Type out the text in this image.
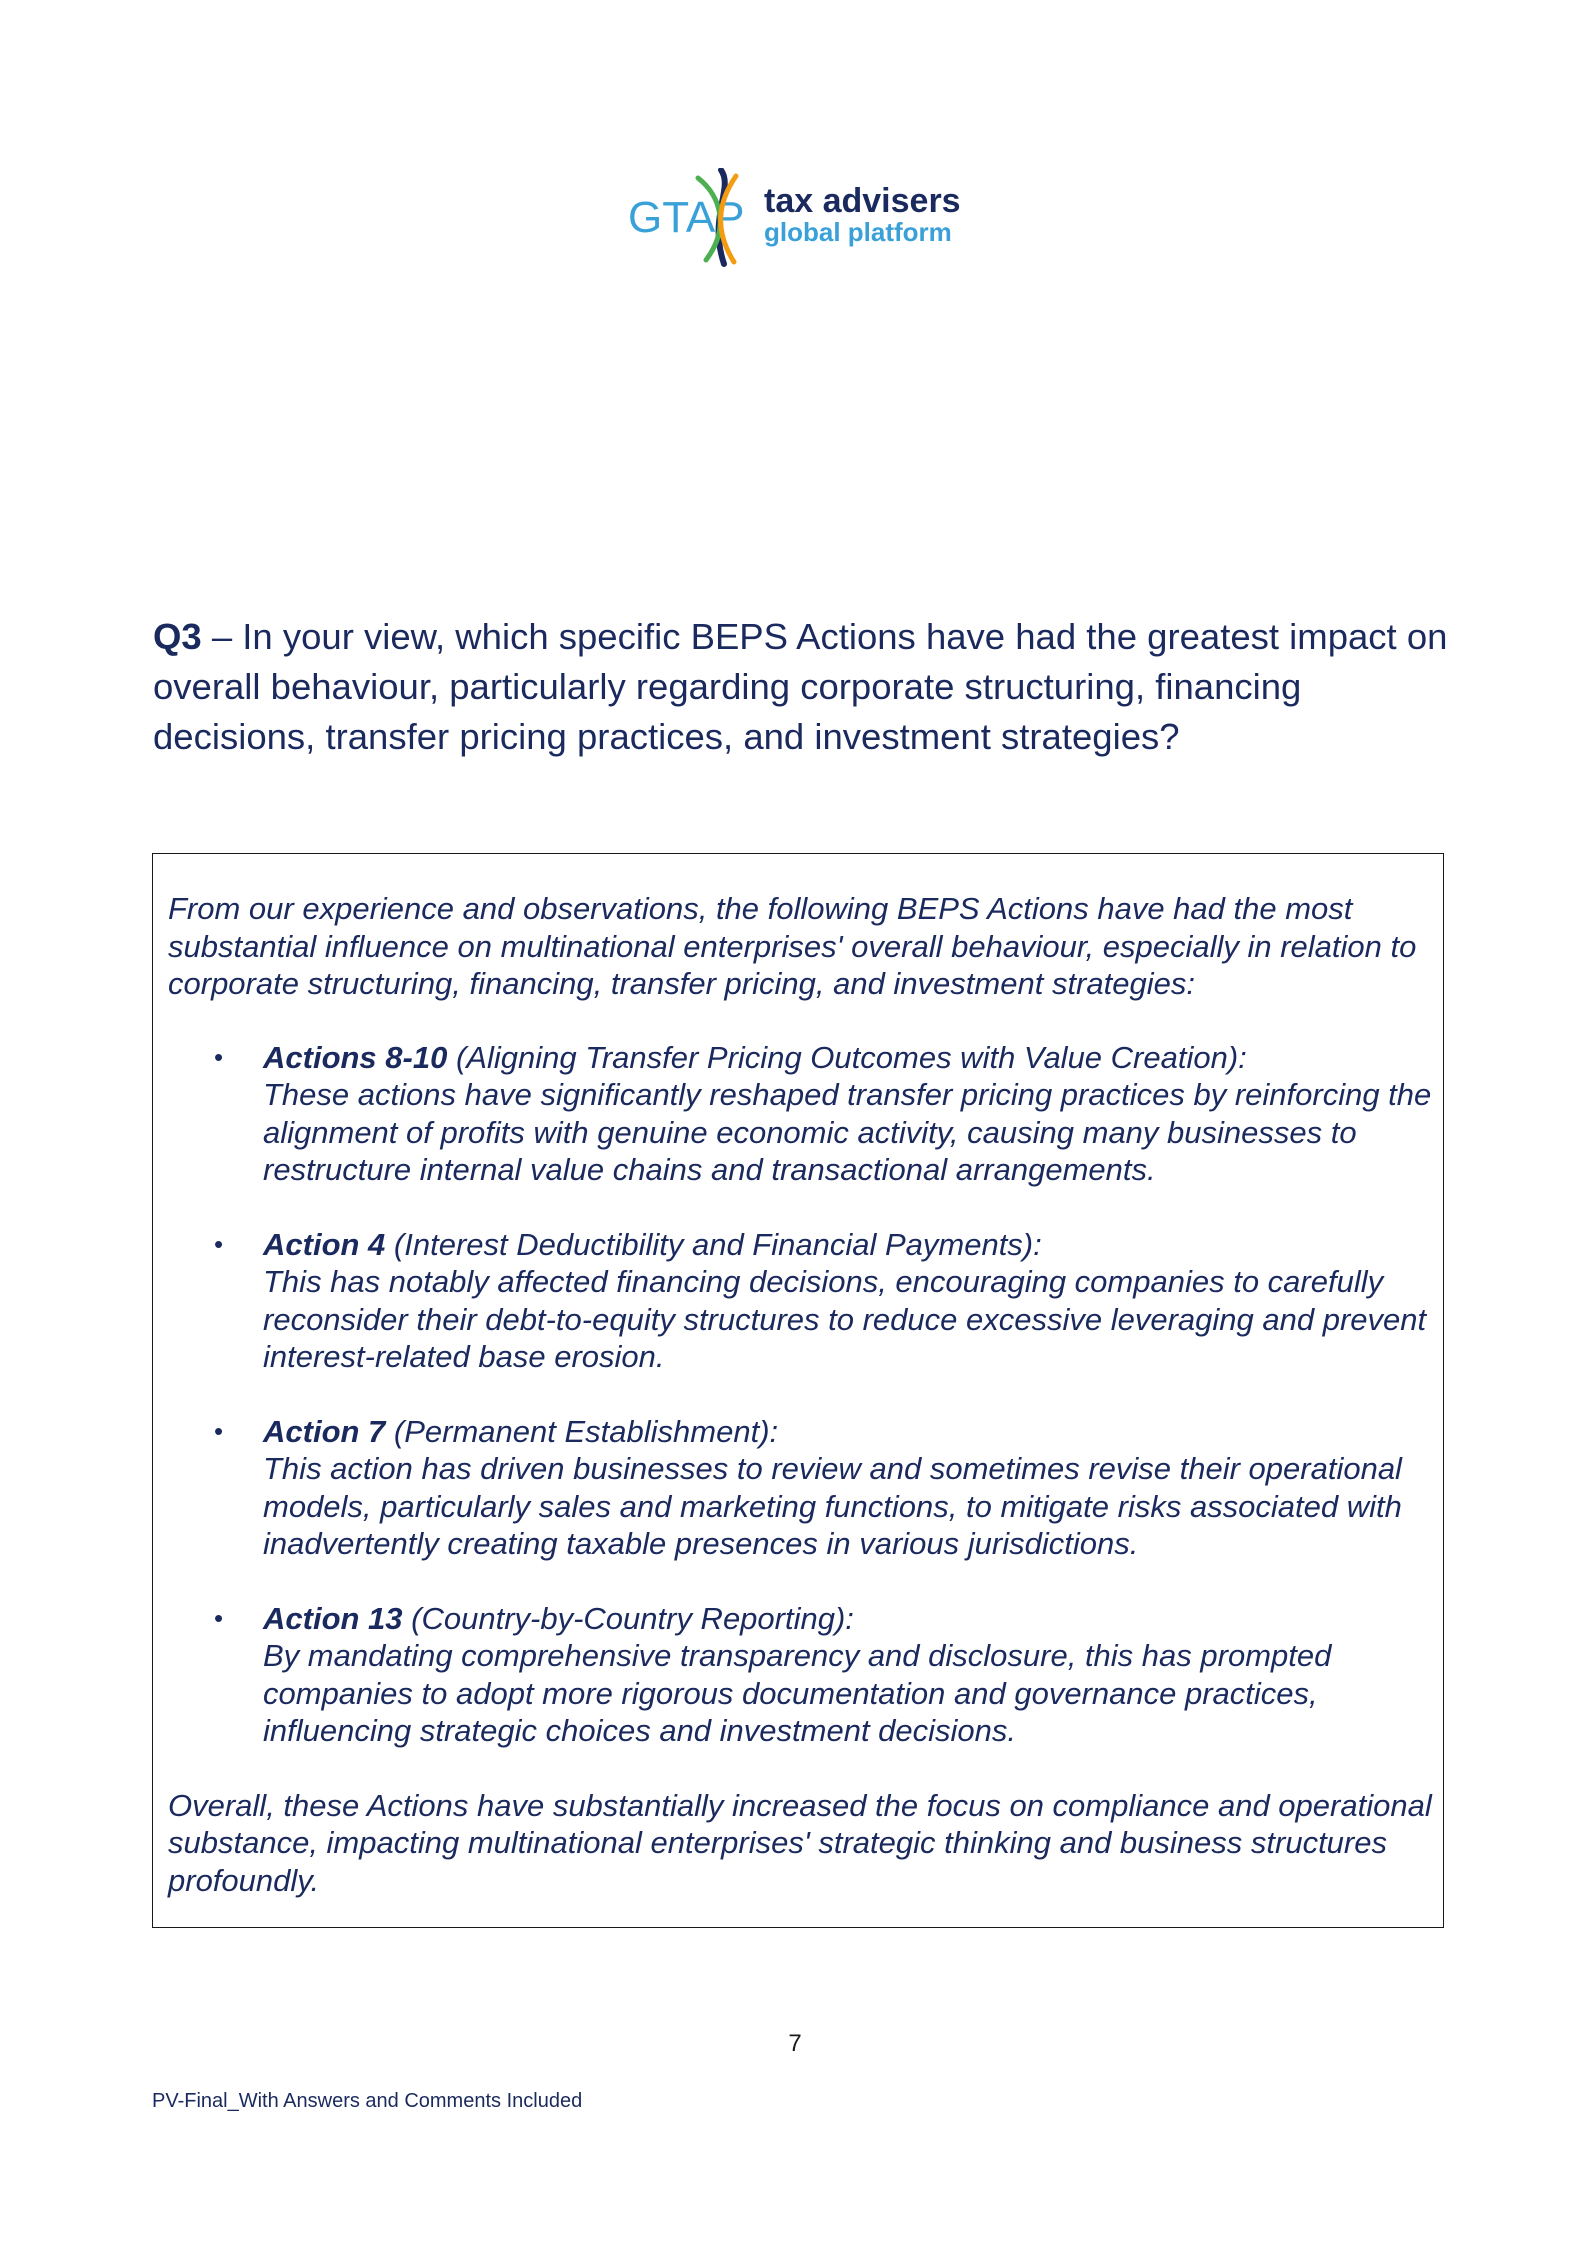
GTAP tax advisers
global platform

Q3 – In your view, which specific BEPS Actions have had the greatest impact on overall behaviour, particularly regarding corporate structuring, financing decisions, transfer pricing practices, and investment strategies?

From our experience and observations, the following BEPS Actions have had the most substantial influence on multinational enterprises' overall behaviour, especially in relation to corporate structuring, financing, transfer pricing, and investment strategies:

• Actions 8-10 (Aligning Transfer Pricing Outcomes with Value Creation):
These actions have significantly reshaped transfer pricing practices by reinforcing the alignment of profits with genuine economic activity, causing many businesses to restructure internal value chains and transactional arrangements.
• Action 4 (Interest Deductibility and Financial Payments):
This has notably affected financing decisions, encouraging companies to carefully reconsider their debt-to-equity structures to reduce excessive leveraging and prevent interest-related base erosion.
• Action 7 (Permanent Establishment):
This action has driven businesses to review and sometimes revise their operational models, particularly sales and marketing functions, to mitigate risks associated with inadvertently creating taxable presences in various jurisdictions.
• Action 13 (Country-by-Country Reporting):
By mandating comprehensive transparency and disclosure, this has prompted companies to adopt more rigorous documentation and governance practices, influencing strategic choices and investment decisions.

Overall, these Actions have substantially increased the focus on compliance and operational substance, impacting multinational enterprises' strategic thinking and business structures profoundly.

7
PV-Final_With Answers and Comments Included
